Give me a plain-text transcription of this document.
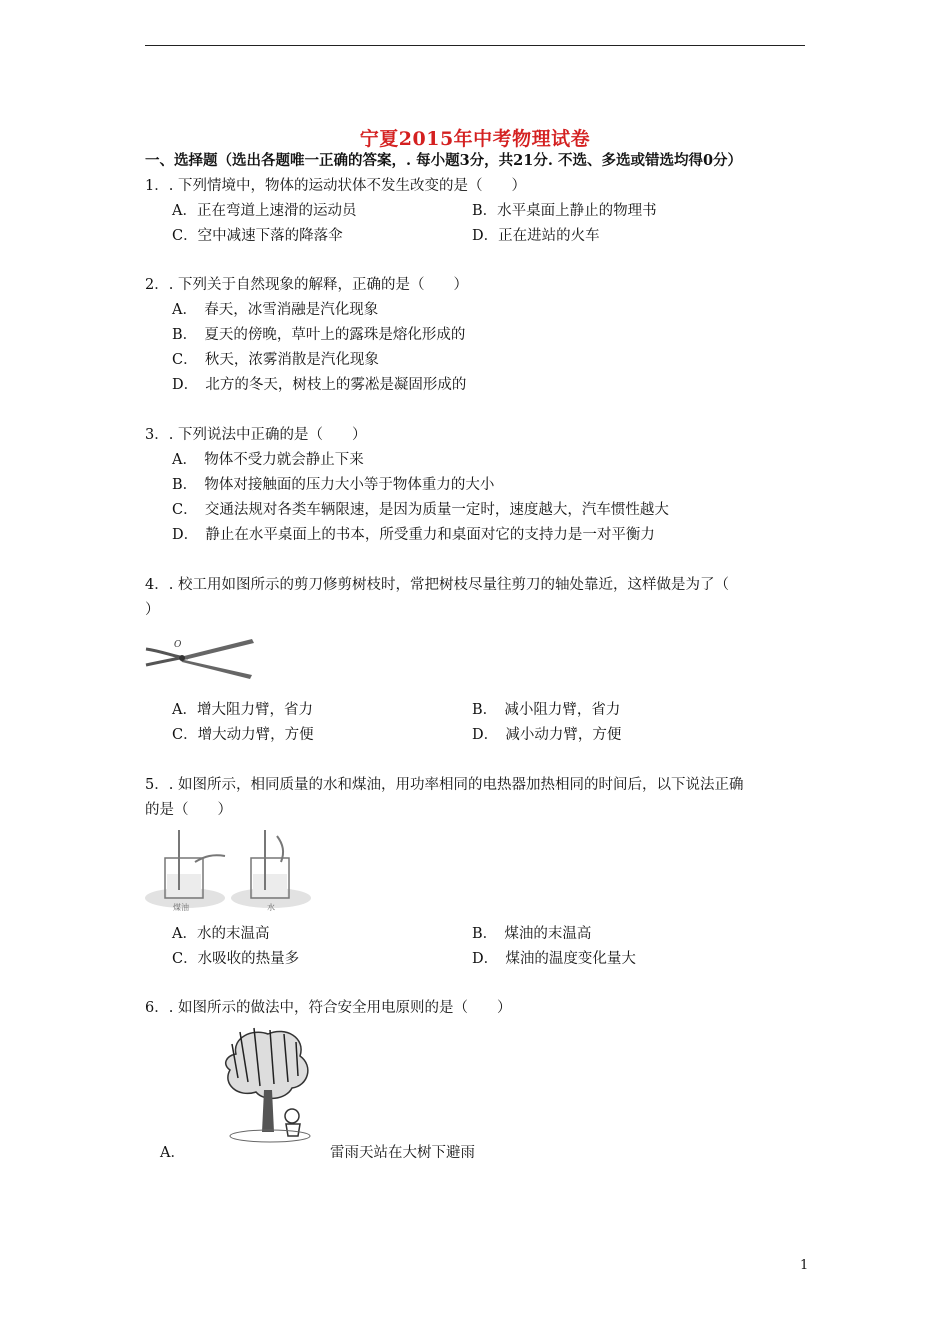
宁夏2015年中考物理试卷
一、选择题（选出各题唯一正确的答案，. 每小题3分，共21分. 不选、多选或错选均得0分）
1．. 下列情境中，物体的运动状体不发生改变的是（　　）
A．正在弯道上速滑的运动员	B．水平桌面上静止的物理书
C．空中减速下落的降落伞	D．正在进站的火车
2．. 下列关于自然现象的解释，正确的是（　　）
A．　春天，冰雪消融是汽化现象
B．　夏天的傍晚，草叶上的露珠是熔化形成的
C．　秋天，浓雾消散是汽化现象
D．　北方的冬天，树枝上的雾凇是凝固形成的
3．. 下列说法中正确的是（　　）
A．　物体不受力就会静止下来
B．　物体对接触面的压力大小等于物体重力的大小
C．　交通法规对各类车辆限速，是因为质量一定时，速度越大，汽车惯性越大
D．　静止在水平桌面上的书本，所受重力和桌面对它的支持力是一对平衡力
4．. 校工用如图所示的剪刀修剪树枝时，常把树枝尽量往剪刀的轴处靠近，这样做是为了（
）
O
A．增大阻力臂，省力	B．　减小阻力臂，省力
C．增大动力臂，方便	D．　减小动力臂，方便
5．. 如图所示，相同质量的水和煤油，用功率相同的电热器加热相同的时间后，以下说法正确
的是（　　）
煤油	水
A．水的末温高	B．　煤油的末温高
C．水吸收的热量多	D．　煤油的温度变化量大
6．. 如图所示的做法中，符合安全用电原则的是（　　）
A．	雷雨天站在大树下避雨
1
